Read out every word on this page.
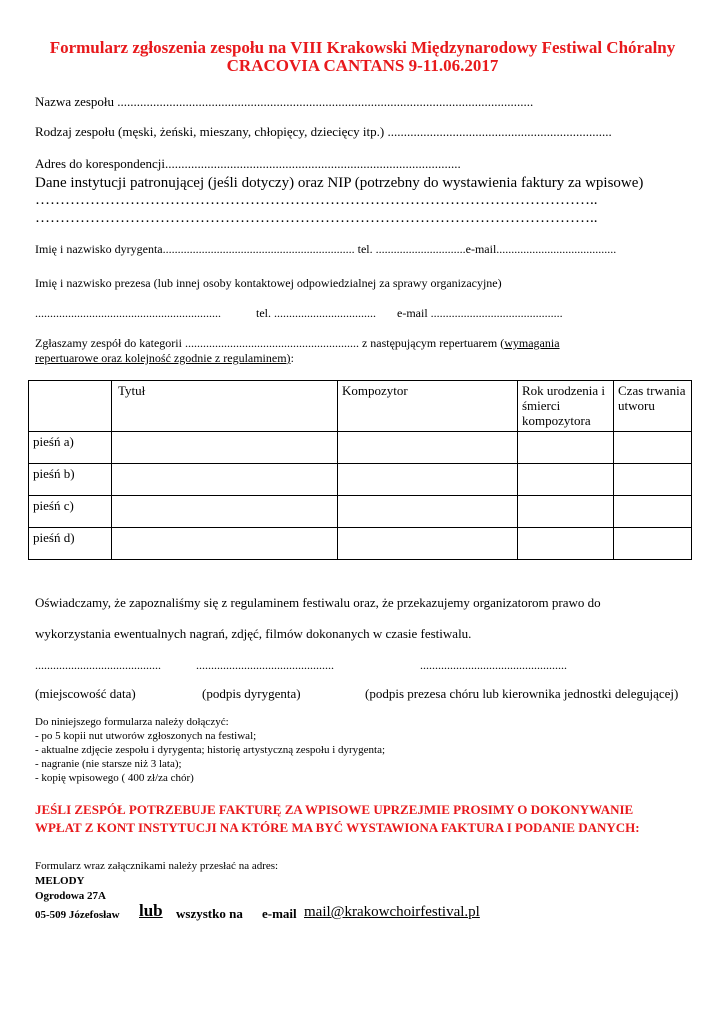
Formularz zgłoszenia zespołu na VIII Krakowski Międzynarodowy Festiwal Chóralny
CRACOVIA CANTANS 9-11.06.2017
Nazwa zespołu ................................................................................................................................
Rodzaj zespołu (męski, żeński, mieszany, chłopięcy, dziecięcy itp.) .....................................................................
Adres do korespondencji...........................................................................................
Dane instytucji patronującej (jeśli dotyczy) oraz NIP (potrzebny do wystawienia faktury za wpisowe)
…………………………………………………………………………………………………..
…………………………………………………………………………………………………..
Imię i nazwisko dyrygenta................................................................ tel. ..............................e-mail........................................
Imię i nazwisko prezesa (lub innej osoby kontaktowej odpowiedzialnej za sprawy organizacyjne)
..............................................................	tel. .................................. e-mail ............................................
Zgłaszamy zespół do kategorii .......................................................... z następującym repertuarem (wymagania
repertuarowe oraz kolejność zgodnie z regulaminem):
	Tytuł	Kompozytor	Rok urodzenia i śmierci kompozytora	Czas trwania utworu
pieśń a)				
pieśń b)				
pieśń c)				
pieśń d)				
Oświadczamy, że zapoznaliśmy się z regulaminem festiwalu oraz, że przekazujemy organizatorom prawo do
wykorzystania ewentualnych nagrań, zdjęć, filmów dokonanych w czasie festiwalu.
..........................................	..............................................	.................................................
(miejscowość data)	(podpis dyrygenta)	(podpis prezesa chóru lub kierownika jednostki delegującej)
Do niniejszego formularza należy dołączyć:
- po 5 kopii nut utworów zgłoszonych na festiwal;
- aktualne zdjęcie zespołu i dyrygenta; historię artystyczną zespołu i dyrygenta;
- nagranie (nie starsze niż 3 lata);
- kopię wpisowego ( 400 zł/za chór)
JEŚLI ZESPÓŁ POTRZEBUJE FAKTURĘ ZA WPISOWE UPRZEJMIE PROSIMY O DOKONYWANIE
WPŁAT Z KONT INSTYTUCJI NA KTÓRE MA BYĆ WYSTAWIONA FAKTURA I PODANIE DANYCH:
Formularz wraz załącznikami należy przesłać na adres:
MELODY
Ogrodowa 27A
05-509 Józefosław lub wszystko na e-mail mail@krakowchoirfestival.pl
